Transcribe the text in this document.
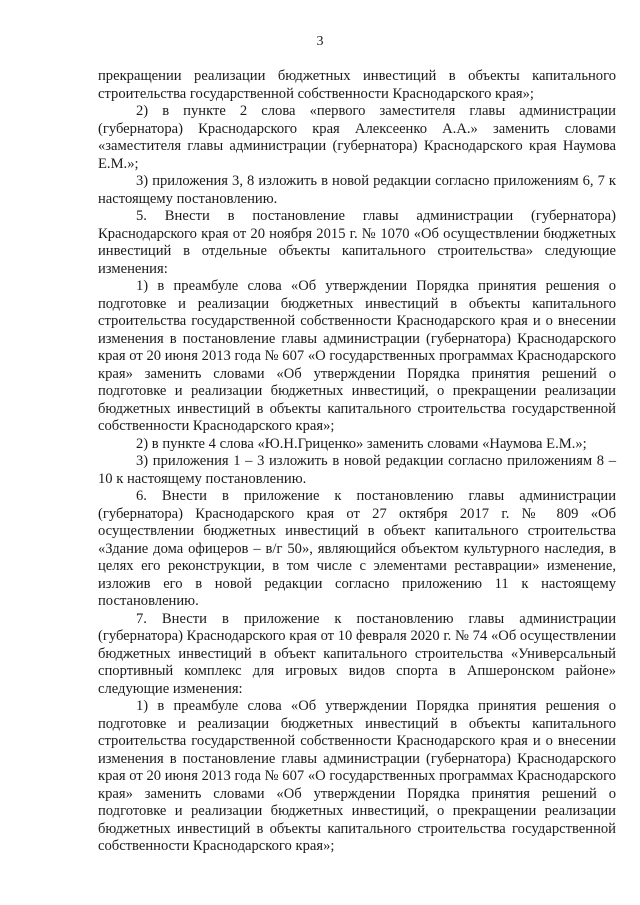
3

прекращении реализации бюджетных инвестиций в объекты капитального строительства государственной собственности Краснодарского края»;

2) в пункте 2 слова «первого заместителя главы администрации (губернатора) Краснодарского края Алексеенко А.А.» заменить словами «заместителя главы администрации (губернатора) Краснодарского края Наумова Е.М.»;

3) приложения 3, 8 изложить в новой редакции согласно приложениям 6, 7 к настоящему постановлению.

5. Внести в постановление главы администрации (губернатора) Краснодарского края от 20 ноября 2015 г. № 1070 «Об осуществлении бюджетных инвестиций в отдельные объекты капитального строительства» следующие изменения:

1) в преамбуле слова «Об утверждении Порядка принятия решения о подготовке и реализации бюджетных инвестиций в объекты капитального строительства государственной собственности Краснодарского края и о внесении изменения в постановление главы администрации (губернатора) Краснодарского края от 20 июня 2013 года № 607 «О государственных программах Краснодарского края» заменить словами «Об утверждении Порядка принятия решений о подготовке и реализации бюджетных инвестиций, о прекращении реализации бюджетных инвестиций в объекты капитального строительства государственной собственности Краснодарского края»;

2) в пункте 4 слова «Ю.Н.Гриценко» заменить словами «Наумова Е.М.»;

3) приложения 1 – 3 изложить в новой редакции согласно приложениям 8 –10 к настоящему постановлению.

6. Внести в приложение к постановлению главы администрации (губернатора) Краснодарского края от 27 октября 2017 г. № 809 «Об осуществлении бюджетных инвестиций в объект капитального строительства «Здание дома офицеров – в/г 50», являющийся объектом культурного наследия, в целях его реконструкции, в том числе с элементами реставрации» изменение, изложив его в новой редакции согласно приложению 11 к настоящему постановлению.

7. Внести в приложение к постановлению главы администрации (губернатора) Краснодарского края от 10 февраля 2020 г. № 74 «Об осуществлении бюджетных инвестиций в объект капитального строительства «Универсальный спортивный комплекс для игровых видов спорта в Апшеронском районе» следующие изменения:

1) в преамбуле слова «Об утверждении Порядка принятия решения о подготовке и реализации бюджетных инвестиций в объекты капитального строительства государственной собственности Краснодарского края и о внесении изменения в постановление главы администрации (губернатора) Краснодарского края от 20 июня 2013 года № 607 «О государственных программах Краснодарского края» заменить словами «Об утверждении Порядка принятия решений о подготовке и реализации бюджетных инвестиций, о прекращении реализации бюджетных инвестиций в объекты капитального строительства государственной собственности Краснодарского края»;
